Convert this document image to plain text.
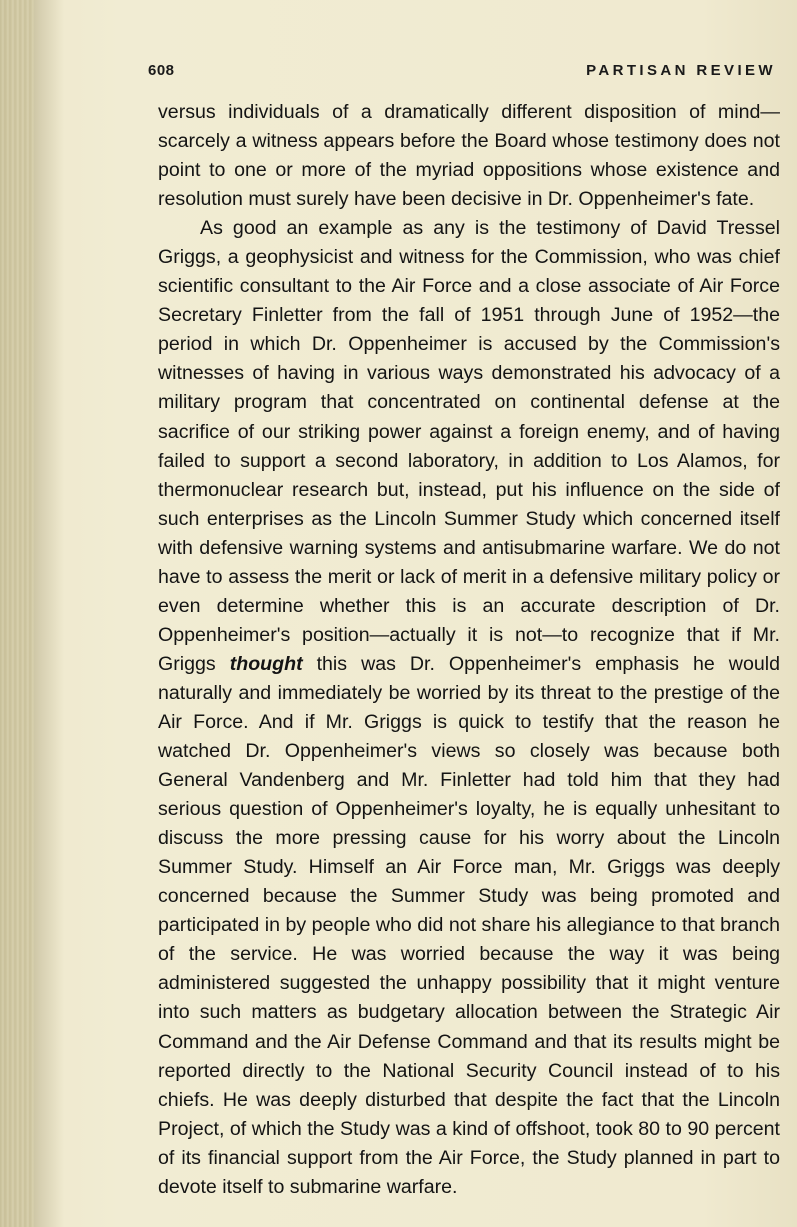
608	PARTISAN REVIEW

versus individuals of a dramatically different disposition of mind— scarcely a witness appears before the Board whose testimony does not point to one or more of the myriad oppositions whose existence and resolution must surely have been decisive in Dr. Oppenheimer's fate.

As good an example as any is the testimony of David Tressel Griggs, a geophysicist and witness for the Commission, who was chief scientific consultant to the Air Force and a close associate of Air Force Secretary Finletter from the fall of 1951 through June of 1952—the period in which Dr. Oppenheimer is accused by the Commission's witnesses of having in various ways demonstrated his advocacy of a military program that concentrated on continental defense at the sacrifice of our striking power against a foreign enemy, and of having failed to support a second laboratory, in addition to Los Alamos, for thermonuclear research but, instead, put his influence on the side of such enterprises as the Lincoln Summer Study which concerned itself with defensive warning systems and antisubmarine warfare. We do not have to assess the merit or lack of merit in a defensive military policy or even determine whether this is an accurate description of Dr. Oppenheimer's position—actually it is not—to recognize that if Mr. Griggs thought this was Dr. Oppenheimer's emphasis he would naturally and immediately be worried by its threat to the prestige of the Air Force. And if Mr. Griggs is quick to testify that the reason he watched Dr. Oppenheimer's views so closely was because both General Vandenberg and Mr. Finletter had told him that they had serious question of Oppenheimer's loyalty, he is equally unhesitant to discuss the more pressing cause for his worry about the Lincoln Summer Study. Himself an Air Force man, Mr. Griggs was deeply concerned because the Summer Study was being promoted and participated in by people who did not share his allegiance to that branch of the service. He was worried because the way it was being administered suggested the unhappy possibility that it might venture into such matters as budgetary allocation between the Strategic Air Command and the Air Defense Command and that its results might be reported directly to the National Security Council instead of to his chiefs. He was deeply disturbed that despite the fact that the Lincoln Project, of which the Study was a kind of offshoot, took 80 to 90 percent of its financial support from the Air Force, the Study planned in part to devote itself to submarine warfare.
